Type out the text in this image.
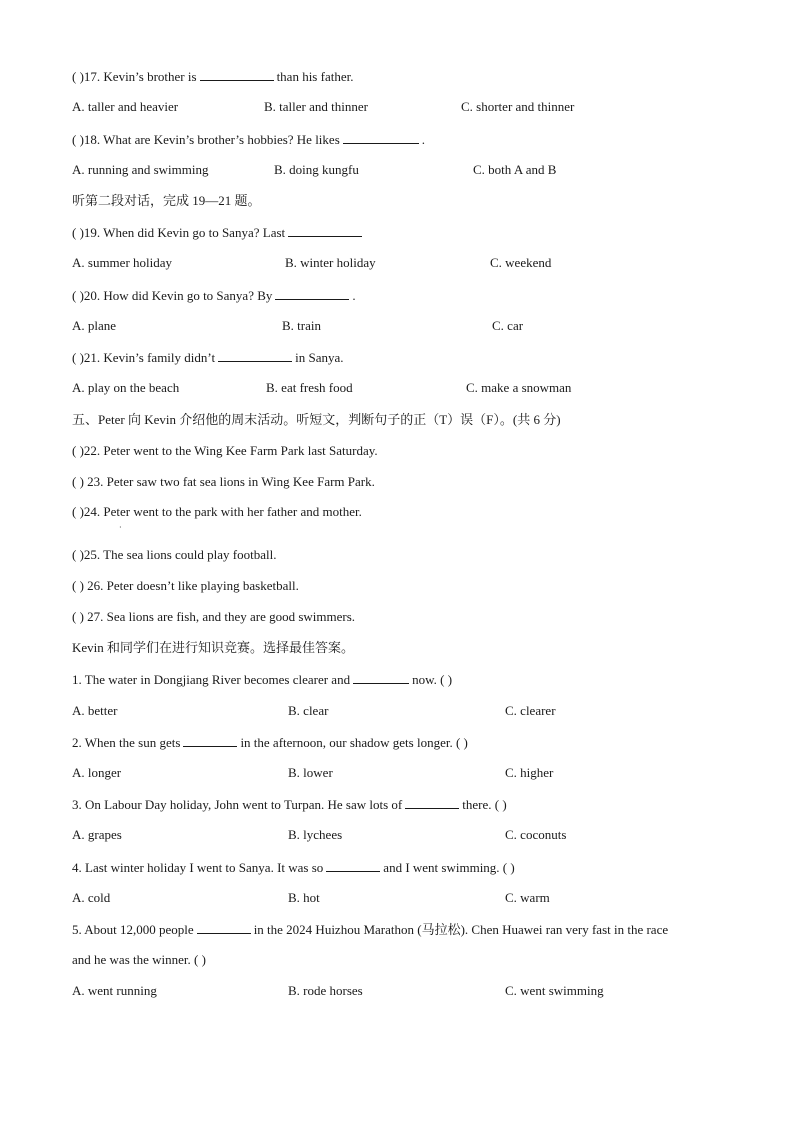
( )17. Kevin’s brother is	than his father.
A. taller and heavier	B. taller and thinner	C. shorter and thinner
( )18. What are Kevin’s brother’s hobbies? He likes	.
A. running and swimming	B. doing kungfu	C. both A and B
听第二段对话，完成 19—21 题。
( )19. When did Kevin go to Sanya? Last
A. summer holiday	B. winter holiday	C. weekend
( )20. How did Kevin go to Sanya? By	.
A. plane	B. train	C. car
( )21. Kevin’s family didn’t	in Sanya.
A. play on the beach	B. eat fresh food	C. make a snowman
五、Peter 向 Kevin 介绍他的周末活动。听短文，判断句子的正（T）误（F）。(共 6 分)
( )22. Peter went to the Wing Kee Farm Park last Saturday.
( ) 23. Peter saw two fat sea lions in Wing Kee Farm Park.
( )24. Peter went to the park with her father and mother.
·
( )25. The sea lions could play football.
( ) 26. Peter doesn’t like playing basketball.
( ) 27. Sea lions are fish, and they are good swimmers.
Kevin 和同学们在进行知识竞赛。选择最佳答案。
1. The water in Dongjiang River becomes clearer and	now. ( )
A. better	B. clear	C. clearer
2. When the sun gets	in the afternoon, our shadow gets longer. ( )
A. longer	B. lower	C. higher
3. On Labour Day holiday, John went to Turpan. He saw lots of	there. ( )
A. grapes	B. lychees	C. coconuts
4. Last winter holiday I went to Sanya. It was so	and I went swimming. ( )
A. cold	B. hot	C. warm
5. About 12,000 people	in the 2024 Huizhou Marathon (马拉松). Chen Huawei ran very fast in the race
and he was the winner. ( )
A. went running	B. rode horses	C. went swimming
